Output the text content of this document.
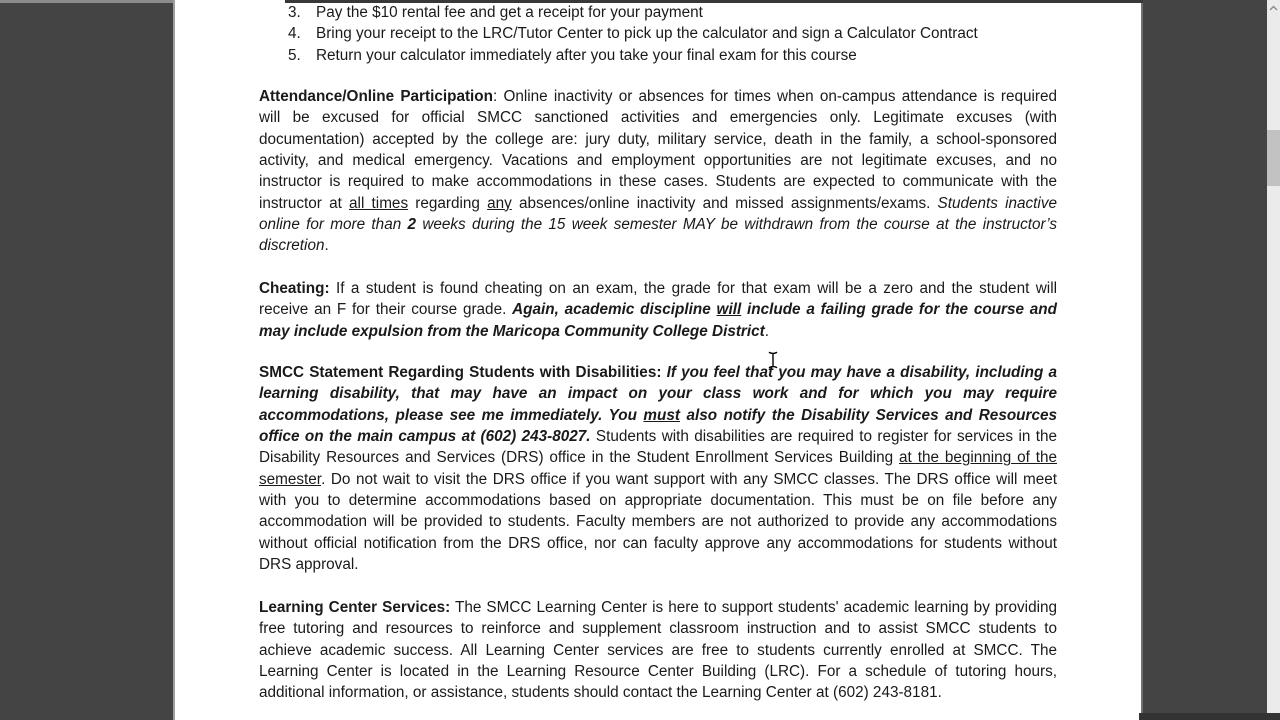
3. Pay the $10 rental fee and get a receipt for your payment
4. Bring your receipt to the LRC/Tutor Center to pick up the calculator and sign a Calculator Contract
5. Return your calculator immediately after you take your final exam for this course

Attendance/Online Participation: Online inactivity or absences for times when on-campus attendance is required will be excused for official SMCC sanctioned activities and emergencies only. Legitimate excuses (with documentation) accepted by the college are: jury duty, military service, death in the family, a school-sponsored activity, and medical emergency. Vacations and employment opportunities are not legitimate excuses, and no instructor is required to make accommodations in these cases. Students are expected to communicate with the instructor at all times regarding any absences/online inactivity and missed assignments/exams. Students inactive online for more than 2 weeks during the 15 week semester MAY be withdrawn from the course at the instructor’s discretion.

Cheating: If a student is found cheating on an exam, the grade for that exam will be a zero and the student will receive an F for their course grade. Again, academic discipline will include a failing grade for the course and may include expulsion from the Maricopa Community College District.

SMCC Statement Regarding Students with Disabilities: If you feel that you may have a disability, including a learning disability, that may have an impact on your class work and for which you may require accommodations, please see me immediately. You must also notify the Disability Services and Resources office on the main campus at (602) 243-8027. Students with disabilities are required to register for services in the Disability Resources and Services (DRS) office in the Student Enrollment Services Building at the beginning of the semester. Do not wait to visit the DRS office if you want support with any SMCC classes. The DRS office will meet with you to determine accommodations based on appropriate documentation. This must be on file before any accommodation will be provided to students. Faculty members are not authorized to provide any accommodations without official notification from the DRS office, nor can faculty approve any accommodations for students without DRS approval.

Learning Center Services: The SMCC Learning Center is here to support students' academic learning by providing free tutoring and resources to reinforce and supplement classroom instruction and to assist SMCC students to achieve academic success. All Learning Center services are free to students currently enrolled at SMCC. The Learning Center is located in the Learning Resource Center Building (LRC). For a schedule of tutoring hours, additional information, or assistance, students should contact the Learning Center at (602) 243-8181.
